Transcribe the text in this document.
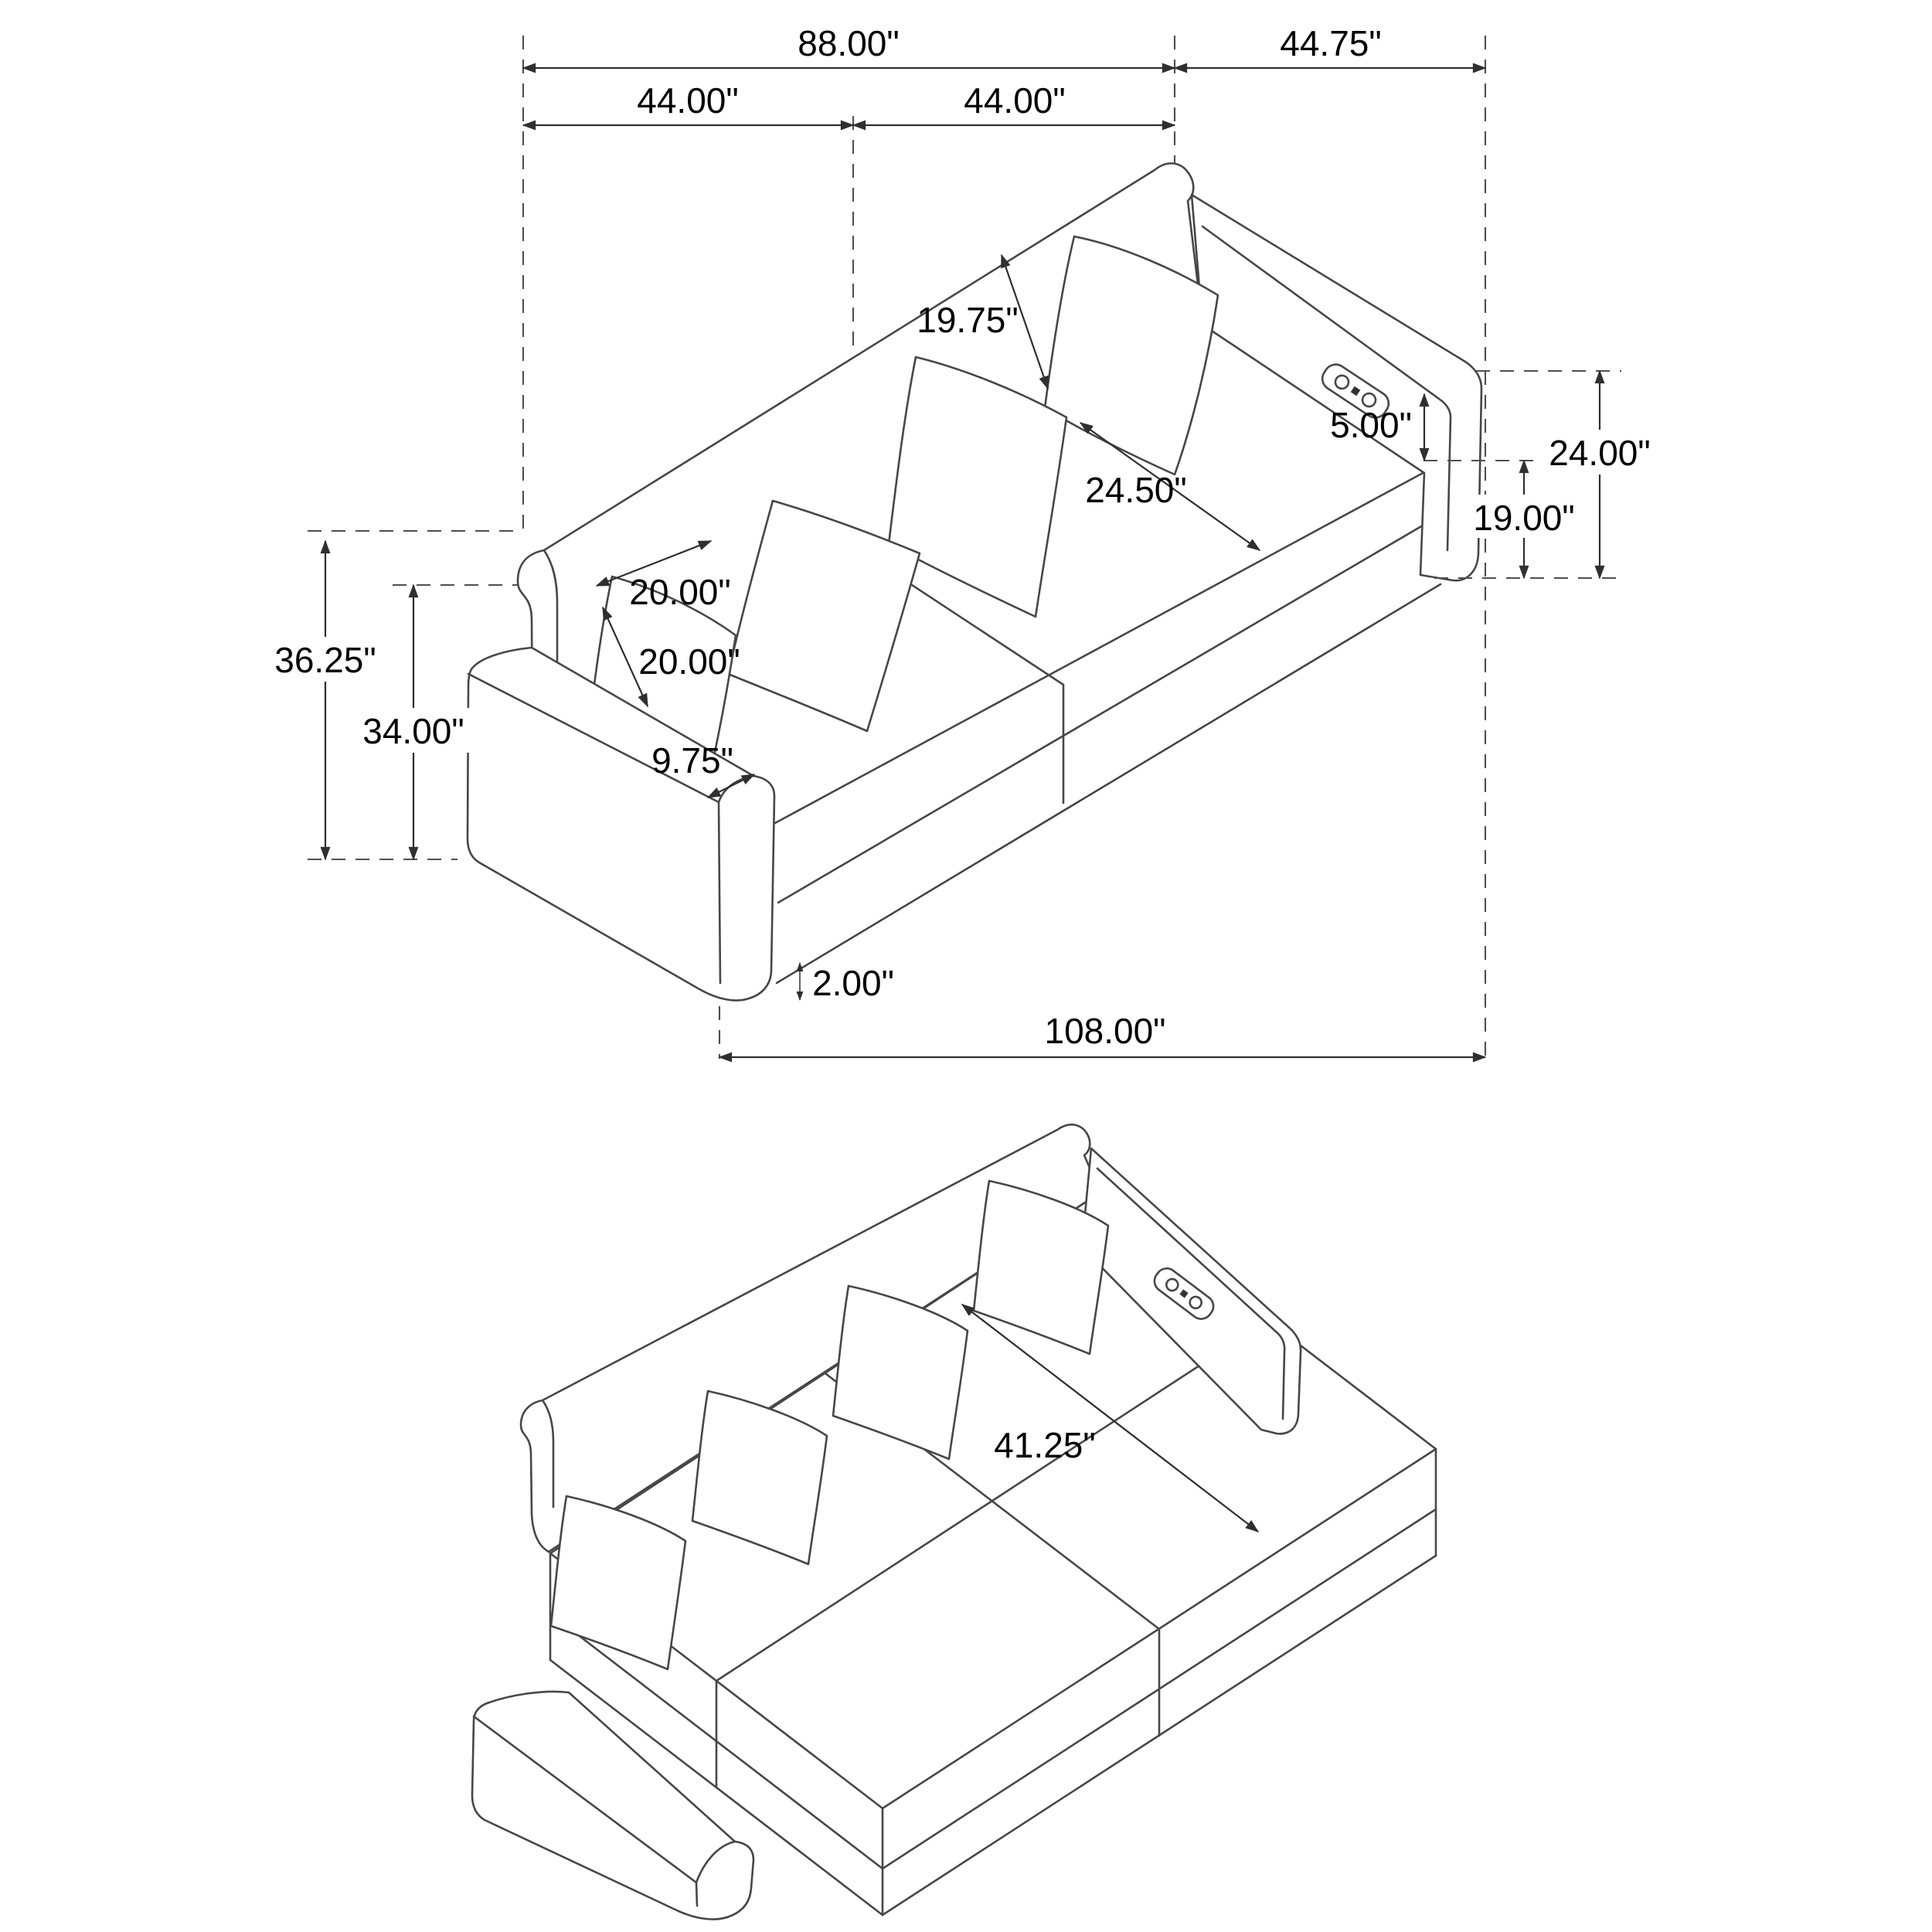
88.00"	44.75"
44.00"	44.00"
19.75"
24.50"
5.00"
24.00"
19.00"
36.25"
34.00"
20.00"
20.00"
9.75"
2.00"
108.00"
41.25"
